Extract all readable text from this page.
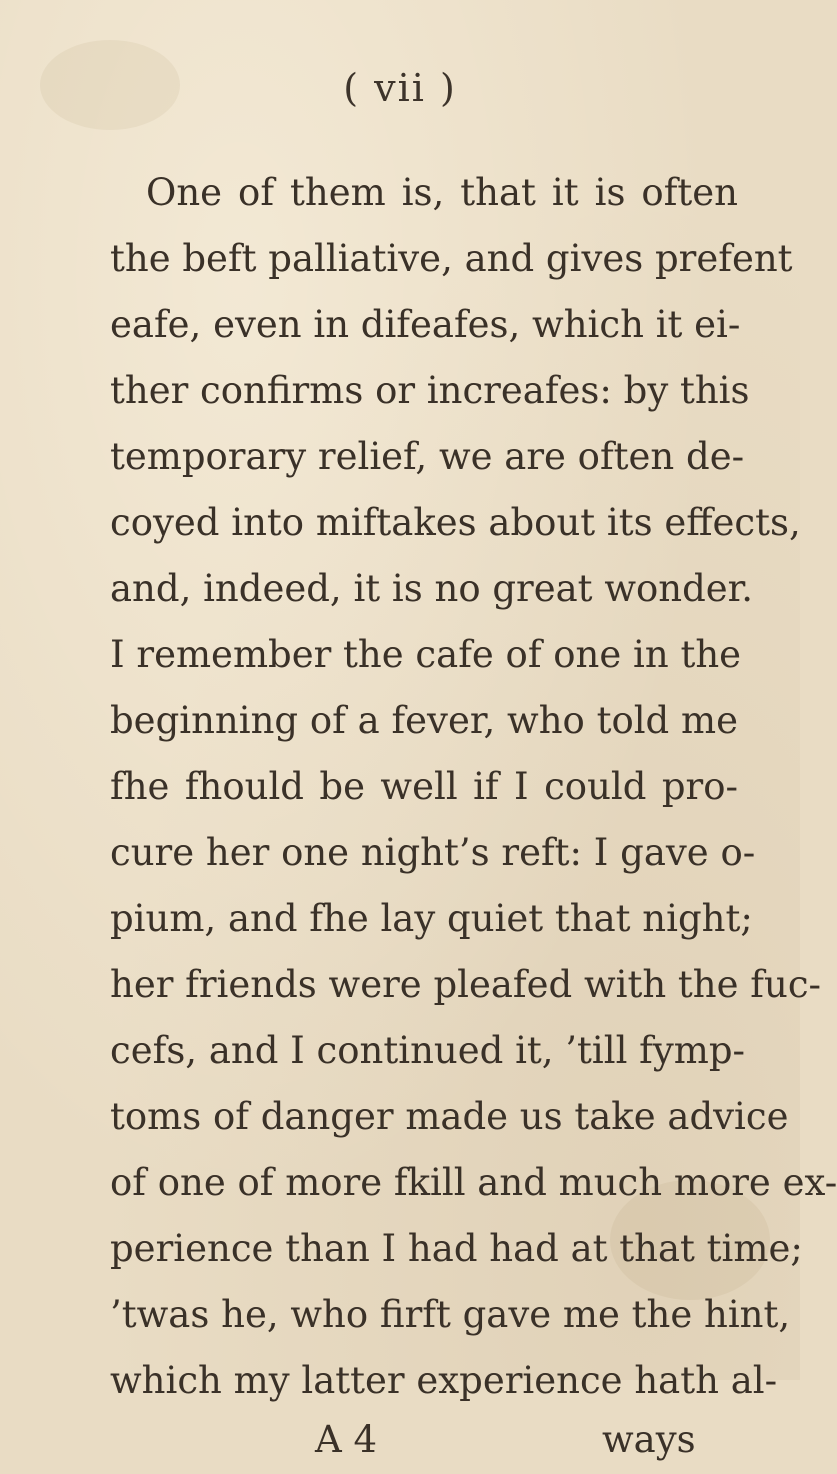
( vii )
One of them is, that it is often
the beft palliative, and gives prefent
eafe, even in difeafes, which it ei-
ther confirms or increafes: by this
temporary relief, we are often de-
coyed into miftakes about its effects,
and, indeed, it is no great wonder.
I remember the cafe of one in the
beginning of a fever, who told me
fhe fhould be well if I could pro-
cure her one night’s reft: I gave o-
pium, and fhe lay quiet that night;
her friends were pleafed with the fuc-
cefs, and I continued it, ’till fymp-
toms of danger made us take advice
of one of more fkill and much more ex-
perience than I had had at that time;
’twas he, who firft gave me the hint,
which my latter experience hath al-
A 4	ways
